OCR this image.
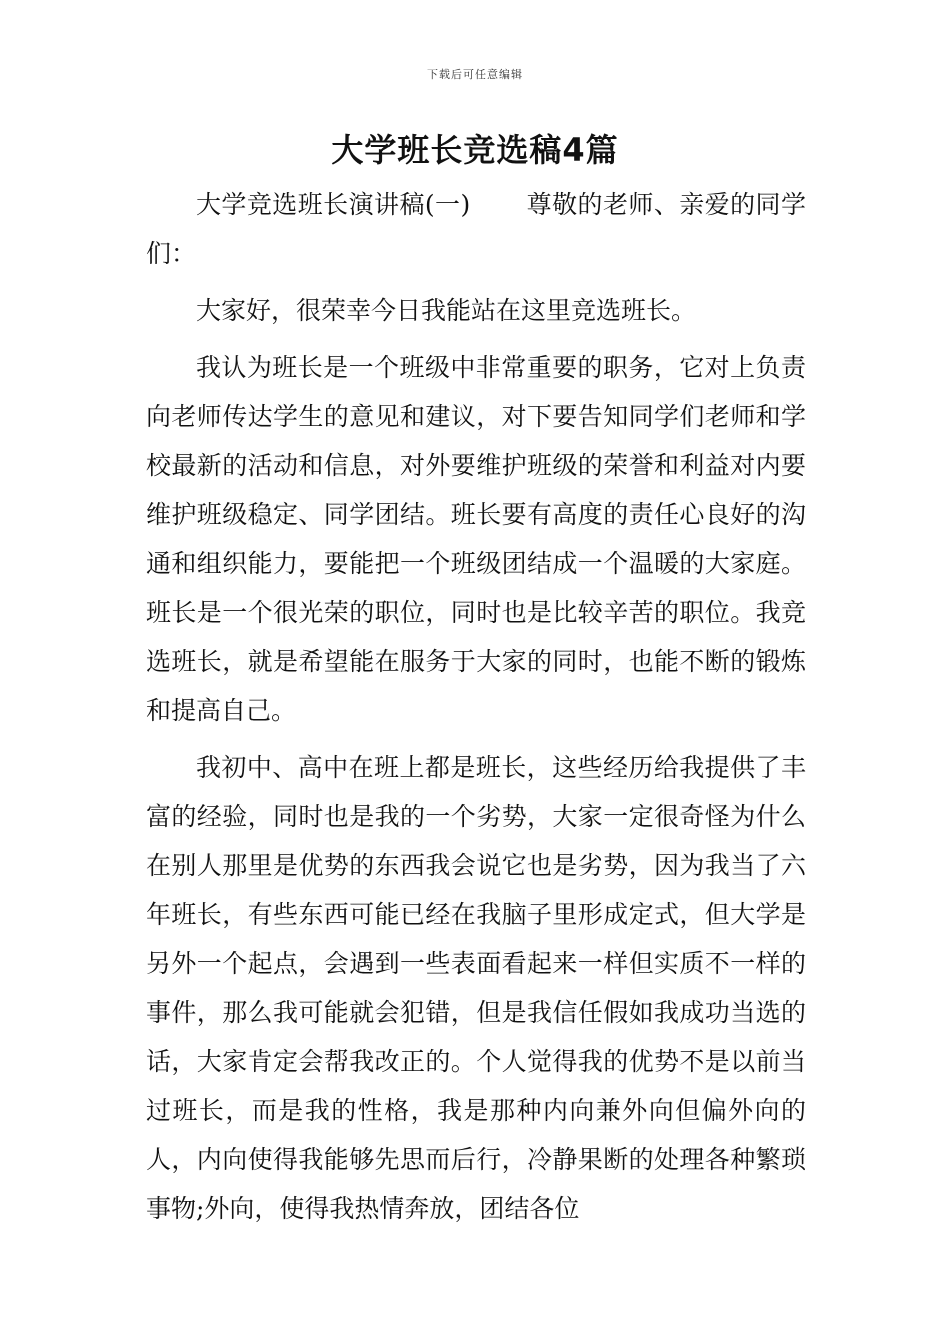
下载后可任意编辑
大学班长竞选稿4篇

大学竞选班长演讲稿(一) 尊敬的老师、亲爱的同学们：

大家好，很荣幸今日我能站在这里竞选班长。

我认为班长是一个班级中非常重要的职务，它对上负责向老师传达学生的意见和建议，对下要告知同学们老师和学校最新的活动和信息，对外要维护班级的荣誉和利益对内要维护班级稳定、同学团结。班长要有高度的责任心良好的沟通和组织能力，要能把一个班级团结成一个温暖的大家庭。班长是一个很光荣的职位，同时也是比较辛苦的职位。我竞选班长，就是希望能在服务于大家的同时，也能不断的锻炼和提高自己。

我初中、高中在班上都是班长，这些经历给我提供了丰富的经验，同时也是我的一个劣势，大家一定很奇怪为什么在别人那里是优势的东西我会说它也是劣势，因为我当了六年班长，有些东西可能已经在我脑子里形成定式，但大学是另外一个起点，会遇到一些表面看起来一样但实质不一样的事件，那么我可能就会犯错，但是我信任假如我成功当选的话，大家肯定会帮我改正的。个人觉得我的优势不是以前当过班长，而是我的性格，我是那种内向兼外向但偏外向的人，内向使得我能够先思而后行，冷静果断的处理各种繁琐事物;外向，使得我热情奔放，团结各位
